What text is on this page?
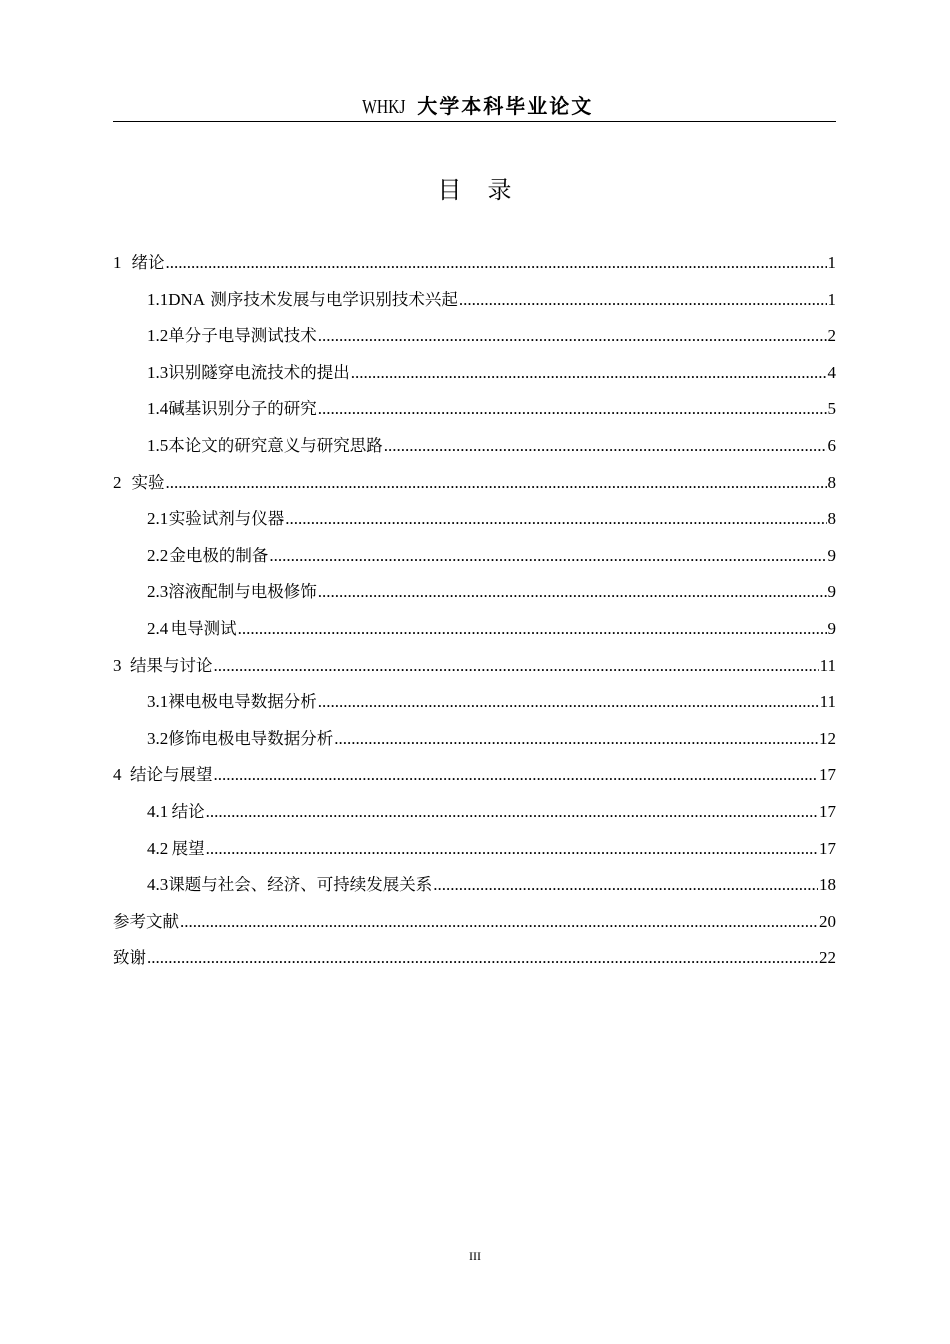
WHKJ 大学本科毕业论文
目 录
1 绪论 .....	1
1.1 DNA 测序技术发展与电学识别技术兴起 .....	1
1.2 单分子电导测试技术 .....	2
1.3 识别隧穿电流技术的提出 .....	4
1.4 碱基识别分子的研究 .....	5
1.5 本论文的研究意义与研究思路 .....	6
2 实验 .....	8
2.1 实验试剂与仪器 .....	8
2.2 金电极的制备 .....	9
2.3 溶液配制与电极修饰 .....	9
2.4 电导测试 .....	9
3 结果与讨论 .....	11
3.1 裸电极电导数据分析 .....	11
3.2 修饰电极电导数据分析 .....	12
4 结论与展望 .....	17
4.1 结论 .....	17
4.2 展望 .....	17
4.3 课题与社会、经济、可持续发展关系 .....	18
参考文献 .....	20
致谢 .....	22
III
